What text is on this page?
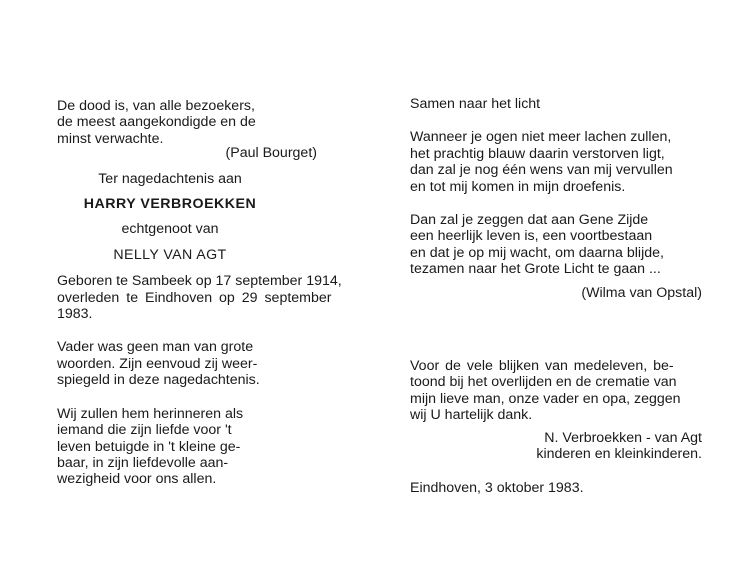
De dood is, van alle bezoekers,
de meest aangekondigde en de
minst verwachte.
(Paul Bourget)
Ter nagedachtenis aan
HARRY VERBROEKKEN
echtgenoot van
NELLY VAN AGT
Geboren te Sambeek op 17 september 1914,
overleden te Eindhoven op 29 september
1983.
Vader was geen man van grote
woorden. Zijn eenvoud zij weer-
spiegeld in deze nagedachtenis.
Wij zullen hem herinneren als
iemand die zijn liefde voor 't
leven betuigde in 't kleine ge-
baar, in zijn liefdevolle aan-
wezigheid voor ons allen.
Samen naar het licht
Wanneer je ogen niet meer lachen zullen,
het prachtig blauw daarin verstorven ligt,
dan zal je nog één wens van mij vervullen
en tot mij komen in mijn droefenis.
Dan zal je zeggen dat aan Gene Zijde
een heerlijk leven is, een voortbestaan
en dat je op mij wacht, om daarna blijde,
tezamen naar het Grote Licht te gaan ...
(Wilma van Opstal)
Voor de vele blijken van medeleven, be-
toond bij het overlijden en de crematie van
mijn lieve man, onze vader en opa, zeggen
wij U hartelijk dank.
N. Verbroekken - van Agt
kinderen en kleinkinderen.
Eindhoven, 3 oktober 1983.
